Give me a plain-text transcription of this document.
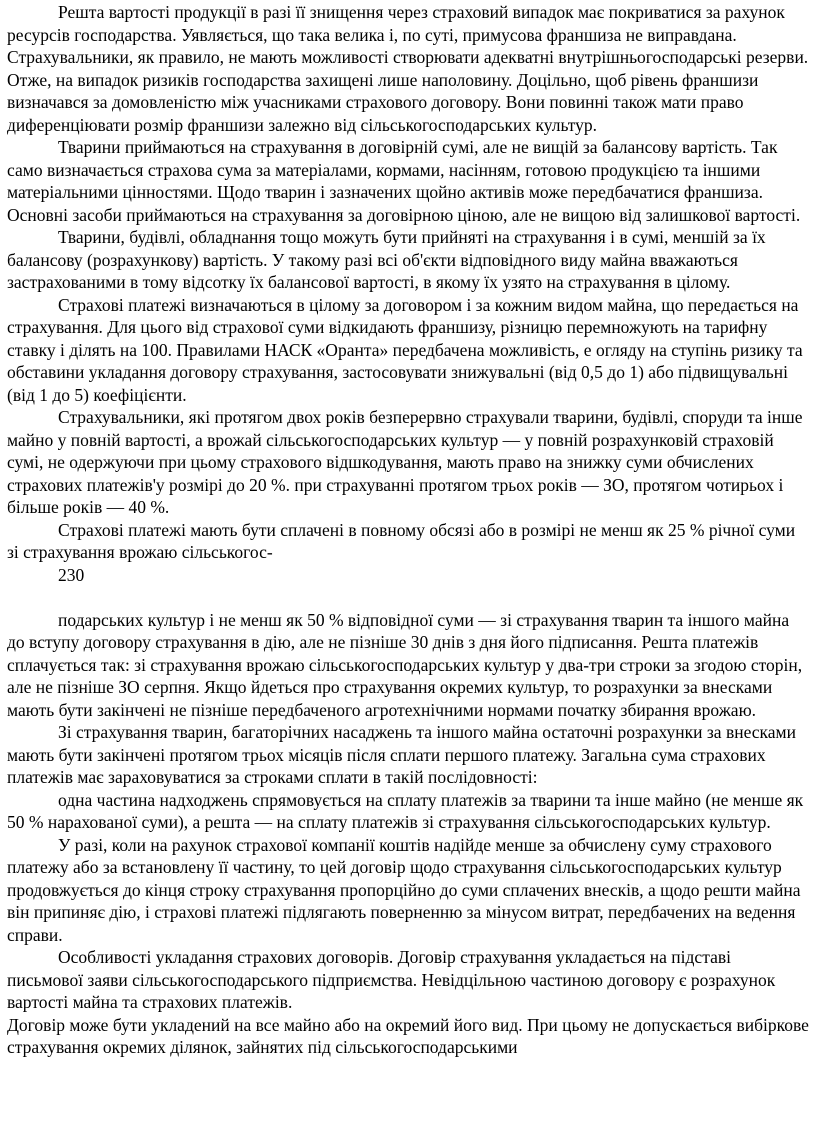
Решта вартості продукції в разі її знищення через страховий випадок має покриватися за рахунок ресурсів господарства. Уявляється, що така велика і, по суті, примусова франшиза не виправдана. Страхувальники, як правило, не мають можливості створювати адекватні внутрішньогосподарські резерви. Отже, на випадок ризиків господарства захищені лише наполовину. Доцільно, щоб рівень франшизи визначався за домовленістю між учасниками страхового договору. Вони повинні також мати право диференціювати розмір франшизи залежно від сільськогосподарських культур.

Тварини приймаються на страхування в договірній сумі, але не вищій за балансову вартість. Так само визначається страхова сума за матеріалами, кормами, насінням, готовою продукцією та іншими матеріальними цінностями. Щодо тварин і зазначених щойно активів може передбачатися франшиза. Основні засоби приймаються на страхування за договірною ціною, але не вищою від залишкової вартості.

Тварини, будівлі, обладнання тощо можуть бути прийняті на страхування і в сумі, меншій за їх балансову (розрахункову) вартість. У такому разі всі об'єкти відповідного виду майна вважаються застрахованими в тому відсотку їх балансової вартості, в якому їх узято на страхування в цілому.

Страхові платежі визначаються в цілому за договором і за кожним видом майна, що передається на страхування. Для цього від страхової суми відкидають франшизу, різницю перемножують на тарифну ставку і ділять на 100. Правилами НАСК «Оранта» передбачена можливість, е огляду на ступінь ризику та обставини укладання договору страхування, застосовувати знижувальні (від 0,5 до 1) або підвищувальні (від 1 до 5) коефіцієнти.

Страхувальники, які протягом двох років безперервно страхували тварини, будівлі, споруди та інше майно у повній вартості, а врожай сільськогосподарських культур — у повній розрахунковій страховій сумі, не одержуючи при цьому страхового відшкодування, мають право на знижку суми обчислених страхових платежів'у розмірі до 20 %. при страхуванні протягом трьох років — ЗО, протягом чотирьох і більше років — 40 %.

Страхові платежі мають бути сплачені в повному обсязі або в розмірі не менш як 25 % річної суми зі страхування врожаю сільськогос-

230

подарських культур і не менш як 50 % відповідної суми — зі страхування тварин та іншого майна до вступу договору страхування в дію, але не пізніше 30 днів з дня його підписання. Решта платежів сплачується так: зі страхування врожаю сільськогосподарських культур у два-три строки за згодою сторін, але не пізніше ЗО серпня. Якщо йдеться про страхування окремих культур, то розрахунки за внесками мають бути закінчені не пізніше передбаченого агротехнічними нормами початку збирання врожаю.

Зі страхування тварин, багаторічних насаджень та іншого майна остаточні розрахунки за внесками мають бути закінчені протягом трьох місяців після сплати першого платежу. Загальна сума страхових платежів має зараховуватися за строками сплати в такій послідовності:

одна частина надходжень спрямовується на сплату платежів за тварини та інше майно (не менше як 50 % нарахованої суми), а решта — на сплату платежів зі страхування сільськогосподарських культур.

У разі, коли на рахунок страхової компанії коштів надійде менше за обчислену суму страхового платежу або за встановлену її частину, то цей договір щодо страхування сільськогосподарських культур продовжується до кінця строку страхування пропорційно до суми сплачених внесків, а щодо решти майна він припиняє дію, і страхові платежі підлягають поверненню за мінусом витрат, передбачених на ведення справи.

Особливості укладання страхових договорів. Договір страхування укладається на підставі письмової заяви сільськогосподарського підприємства. Невідцільною частиною договору є розрахунок вартості майна та страхових платежів.

Договір може бути укладений на все майно або на окремий його вид. При цьому не допускається вибіркове страхування окремих ділянок, зайнятих під сільськогосподарськими
